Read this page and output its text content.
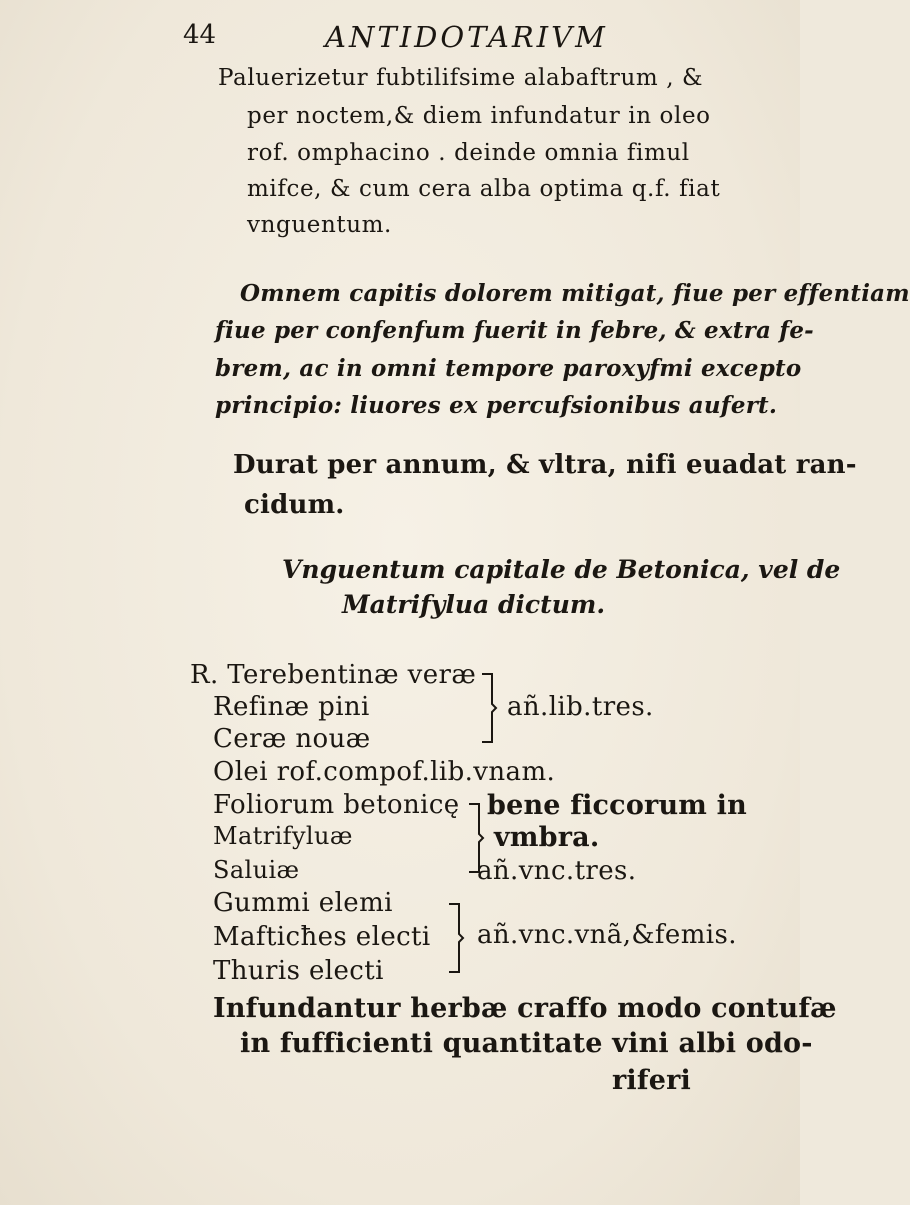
44	ANTIDOTARIVM
Paluerizetur fubtilifsime alabaftrum , &
per noctem,& diem infundatur in oleo
rof. omphacino . deinde omnia fimul
mifce, & cum cera alba optima q.f. fiat
vnguentum.
Omnem capitis dolorem mitigat, fiue per effentiam
fiue per confenfum fuerit in febre, & extra fe-
brem, ac in omni tempore paroxyfmi excepto
principio: liuores ex percufsionibus aufert.
Durat per annum, & vltra, nifi euadat ran-
cidum.
Vnguentum capitale de Betonica, vel de
Matrifylua dictum.
R. Terebentinæ veræ
Refinæ pini
Ceræ nouæ
añ.lib.tres.
Olei rof.compof.lib.vnam.
Foliorum betonicę
Matrifyluæ
Saluiæ
bene ficcorum in
vmbra.
añ.vnc.tres.
Gummi elemi
Mafticħes electi
Thuris electi
añ.vnc.vnã,&femis.
Infundantur herbæ craffo modo contufæ
in fufficienti quantitate vini albi odo-
riferi
